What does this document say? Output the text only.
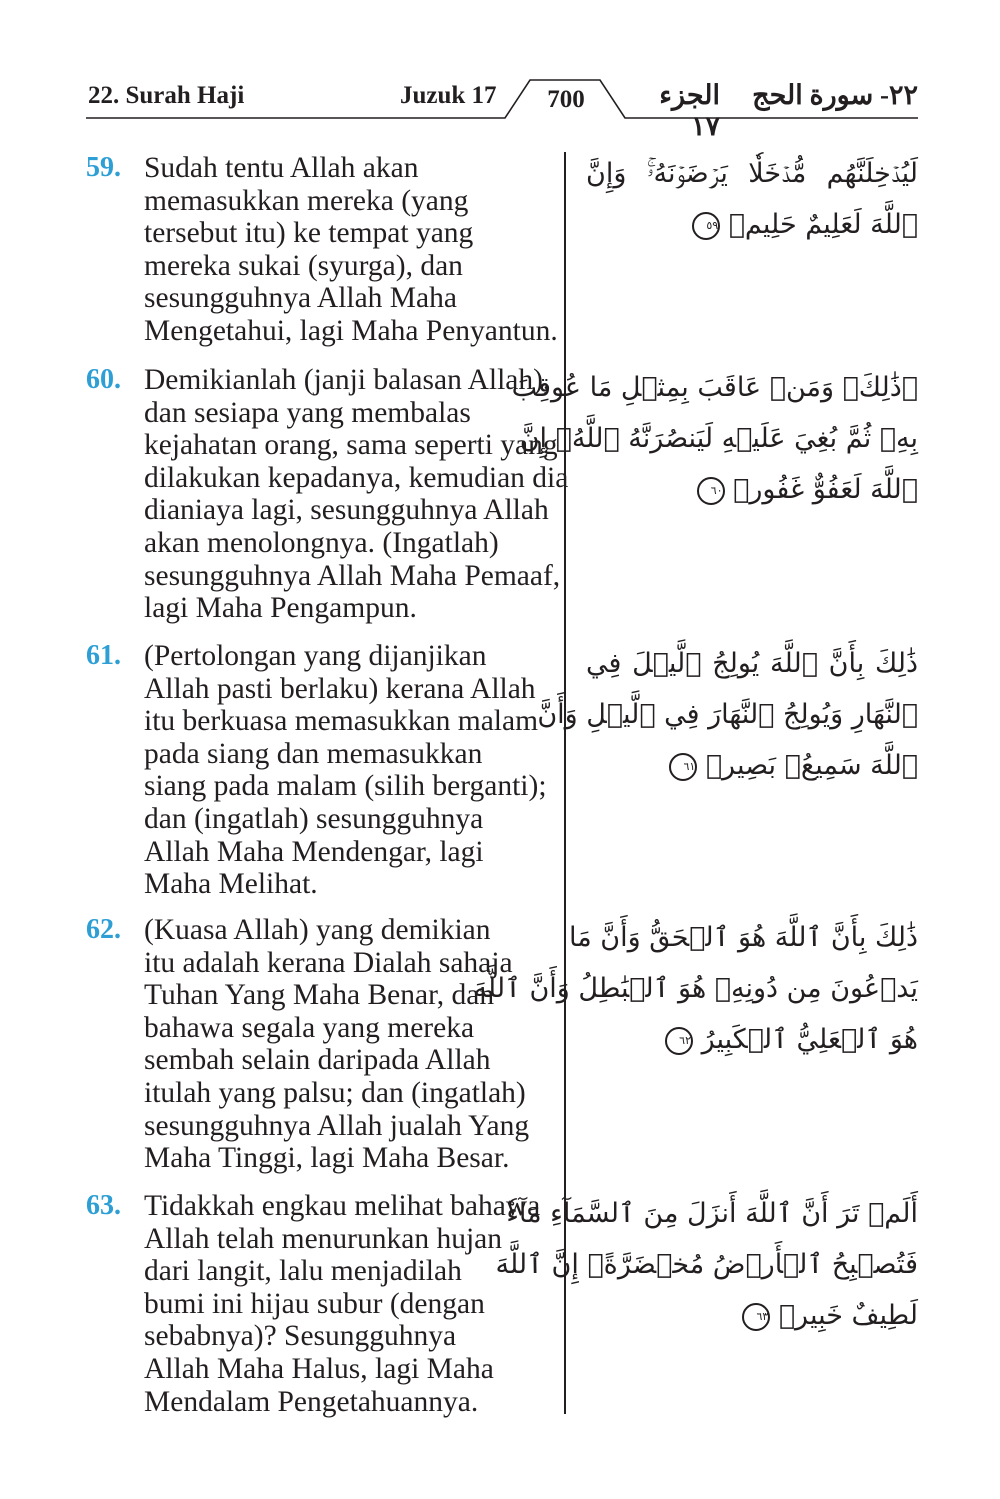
22. Surah Haji	Juzuk 17 700	الجزء ١٧
٢٢- سورة الحج
59. Sudah tentu Allah akan
memasukkan mereka (yang
tersebut itu) ke tempat yang
mereka sukai (syurga), dan
sesungguhnya Allah Maha
Mengetahui, lagi Maha Penyantun.
لَيُدۡخِلَنَّهُم مُّدۡخَلٗا يَرۡضَوۡنَهُۥۚ وَإِنَّ
ٱللَّهَ لَعَلِيمٌ حَلِيمٞ ٥٩
60. Demikianlah (janji balasan Allah),
dan sesiapa yang membalas
kejahatan orang, sama seperti yang
dilakukan kepadanya, kemudian dia
dianiaya lagi, sesungguhnya Allah
akan menolongnya. (Ingatlah)
sesungguhnya Allah Maha Pemaaf,
lagi Maha Pengampun.
۞ذَٰلِكَۖ وَمَنۡ عَاقَبَ بِمِثۡلِ مَا عُوقِبَ
بِهِۦ ثُمَّ بُغِيَ عَلَيۡهِ لَيَنصُرَنَّهُ ٱللَّهُۚ إِنَّ
ٱللَّهَ لَعَفُوٌّ غَفُورٞ ٦٠
61. (Pertolongan yang dijanjikan
Allah pasti berlaku) kerana Allah
itu berkuasa memasukkan malam
pada siang dan memasukkan
siang pada malam (silih berganti);
dan (ingatlah) sesungguhnya
Allah Maha Mendengar, lagi
Maha Melihat.
ذَٰلِكَ بِأَنَّ ٱللَّهَ يُولِجُ ٱلَّيۡلَ فِي
ٱلنَّهَارِ وَيُولِجُ ٱلنَّهَارَ فِي ٱلَّيۡلِ وَأَنَّ
ٱللَّهَ سَمِيعُۢ بَصِيرٞ ٦١
62. (Kuasa Allah) yang demikian
itu adalah kerana Dialah sahaja
Tuhan Yang Maha Benar, dan
bahawa segala yang mereka
sembah selain daripada Allah
itulah yang palsu; dan (ingatlah)
sesungguhnya Allah jualah Yang
Maha Tinggi, lagi Maha Besar.
ذَٰلِكَ بِأَنَّ ٱللَّهَ هُوَ ٱلۡحَقُّ وَأَنَّ مَا
يَدۡعُونَ مِن دُونِهِۦ هُوَ ٱلۡبَٰطِلُ وَأَنَّ ٱللَّهَ
هُوَ ٱلۡعَلِيُّ ٱلۡكَبِيرُ ٦٢
63. Tidakkah engkau melihat bahawa
Allah telah menurunkan hujan
dari langit, lalu menjadilah
bumi ini hijau subur (dengan
sebabnya)? Sesungguhnya
Allah Maha Halus, lagi Maha
Mendalam Pengetahuannya.
أَلَمۡ تَرَ أَنَّ ٱللَّهَ أَنزَلَ مِنَ ٱلسَّمَآءِ مَآءٗ
فَتُصۡبِحُ ٱلۡأَرۡضُ مُخۡضَرَّةًۗ إِنَّ ٱللَّهَ
لَطِيفٌ خَبِيرٞ ٦٣
